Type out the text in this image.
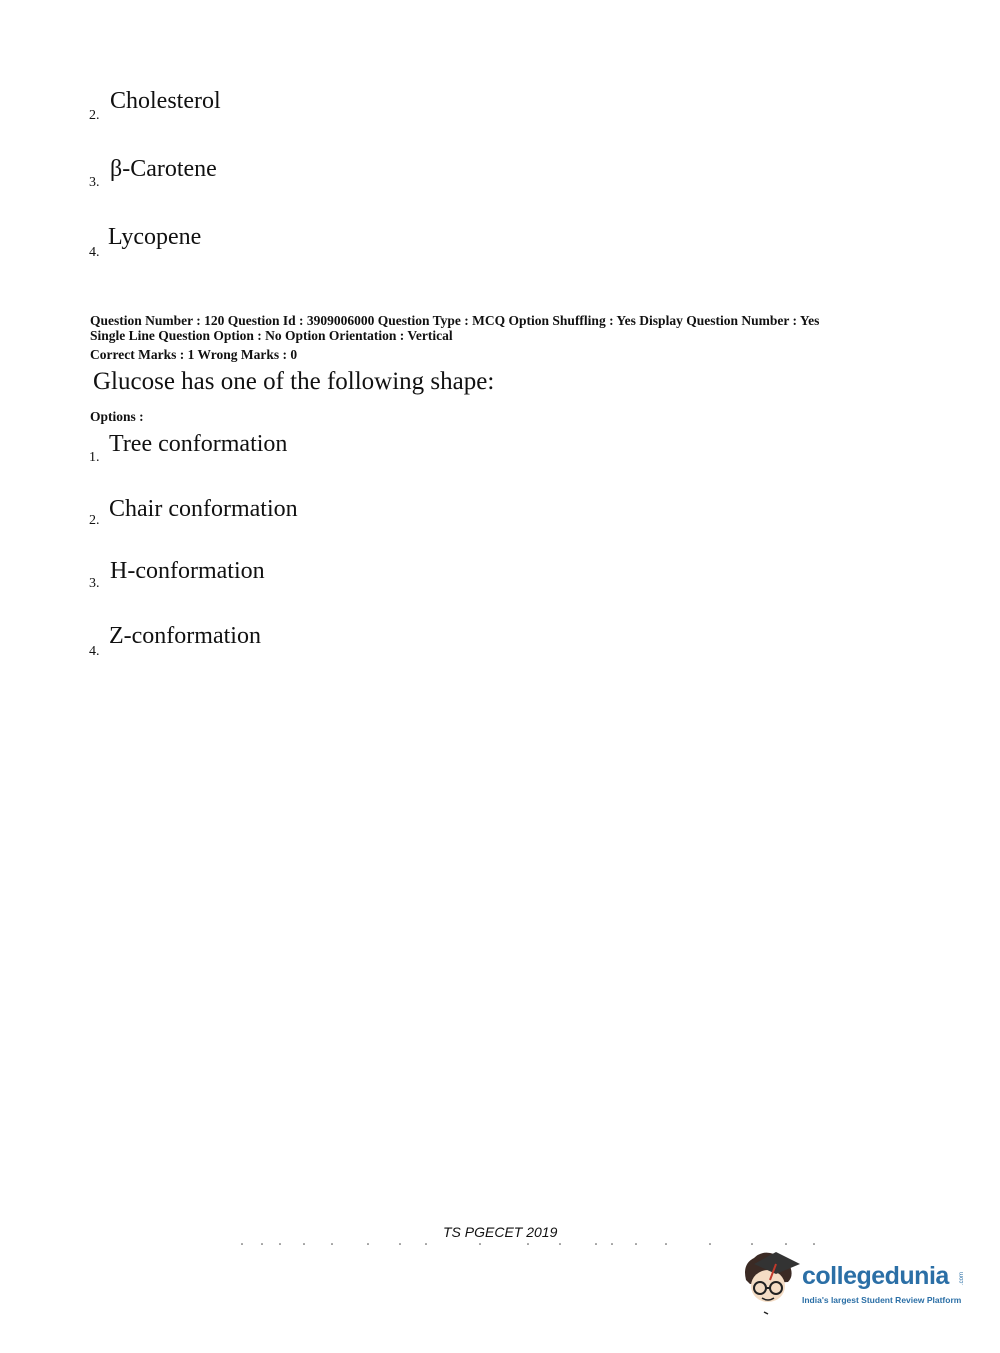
2.
Cholesterol
3.
β-Carotene
4.
Lycopene
Question Number : 120 Question Id : 3909006000 Question Type : MCQ Option Shuffling : Yes Display Question Number : Yes
Single Line Question Option : No Option Orientation : Vertical
Correct Marks : 1 Wrong Marks : 0
Glucose has one of the following shape:
Options :
1.
Tree conformation
2. Chair conformation
3. H-conformation
4.
Z-conformation
TS PGECET 2019
collegedunia .com
India's largest Student Review Platform
